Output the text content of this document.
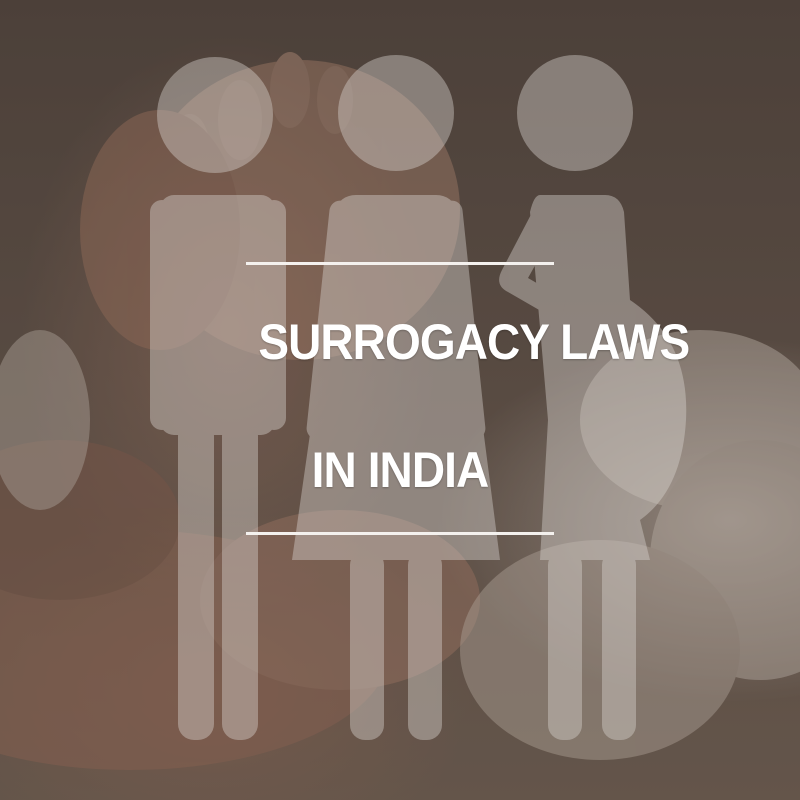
SURROGACY LAWS
IN INDIA
